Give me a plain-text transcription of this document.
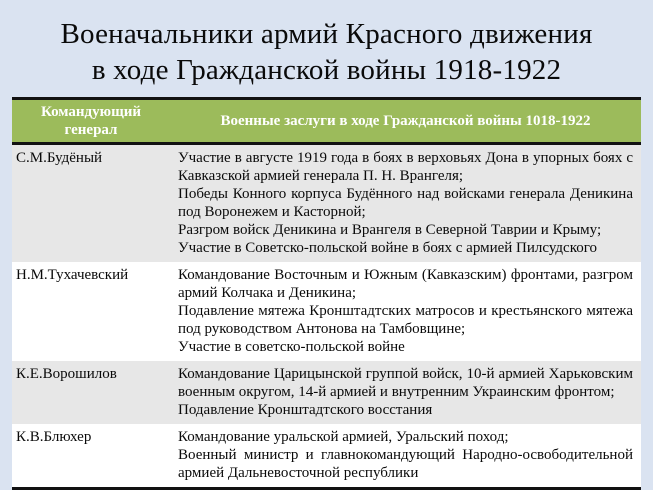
Военачальники армий Красного движения
в ходе Гражданской войны 1918-1922
Командующий генерал
Военные заслуги в ходе Гражданской войны 1018-1922
С.М.Будёный	Участие в августе 1919 года в боях в верховьях Дона в упорных боях с Кавказской армией генерала П. Н. Врангеля;
Победы Конного корпуса Будённого над войсками генерала Деникина под Воронежем и Касторной;
Разгром войск Деникина и Врангеля в Северной Таврии и Крыму;
Участие в Советско-польской войне в боях с армией Пилсудского
Н.М.Тухачевский	Командование Восточным и Южным (Кавказским) фронтами, разгром армий Колчака и Деникина;
Подавление мятежа Кронштадтских матросов и крестьянского мятежа под руководством Антонова на Тамбовщине;
Участие в советско-польской войне
К.Е.Ворошилов	Командование Царицынской группой войск, 10-й армией Харьковским военным округом, 14-й армией и внутренним Украинским фронтом;
Подавление Кронштадтского восстания
К.В.Блюхер	Командование уральской армией, Уральский поход;
Военный министр и главнокомандующий Народно-освободительной армией Дальневосточной республики
